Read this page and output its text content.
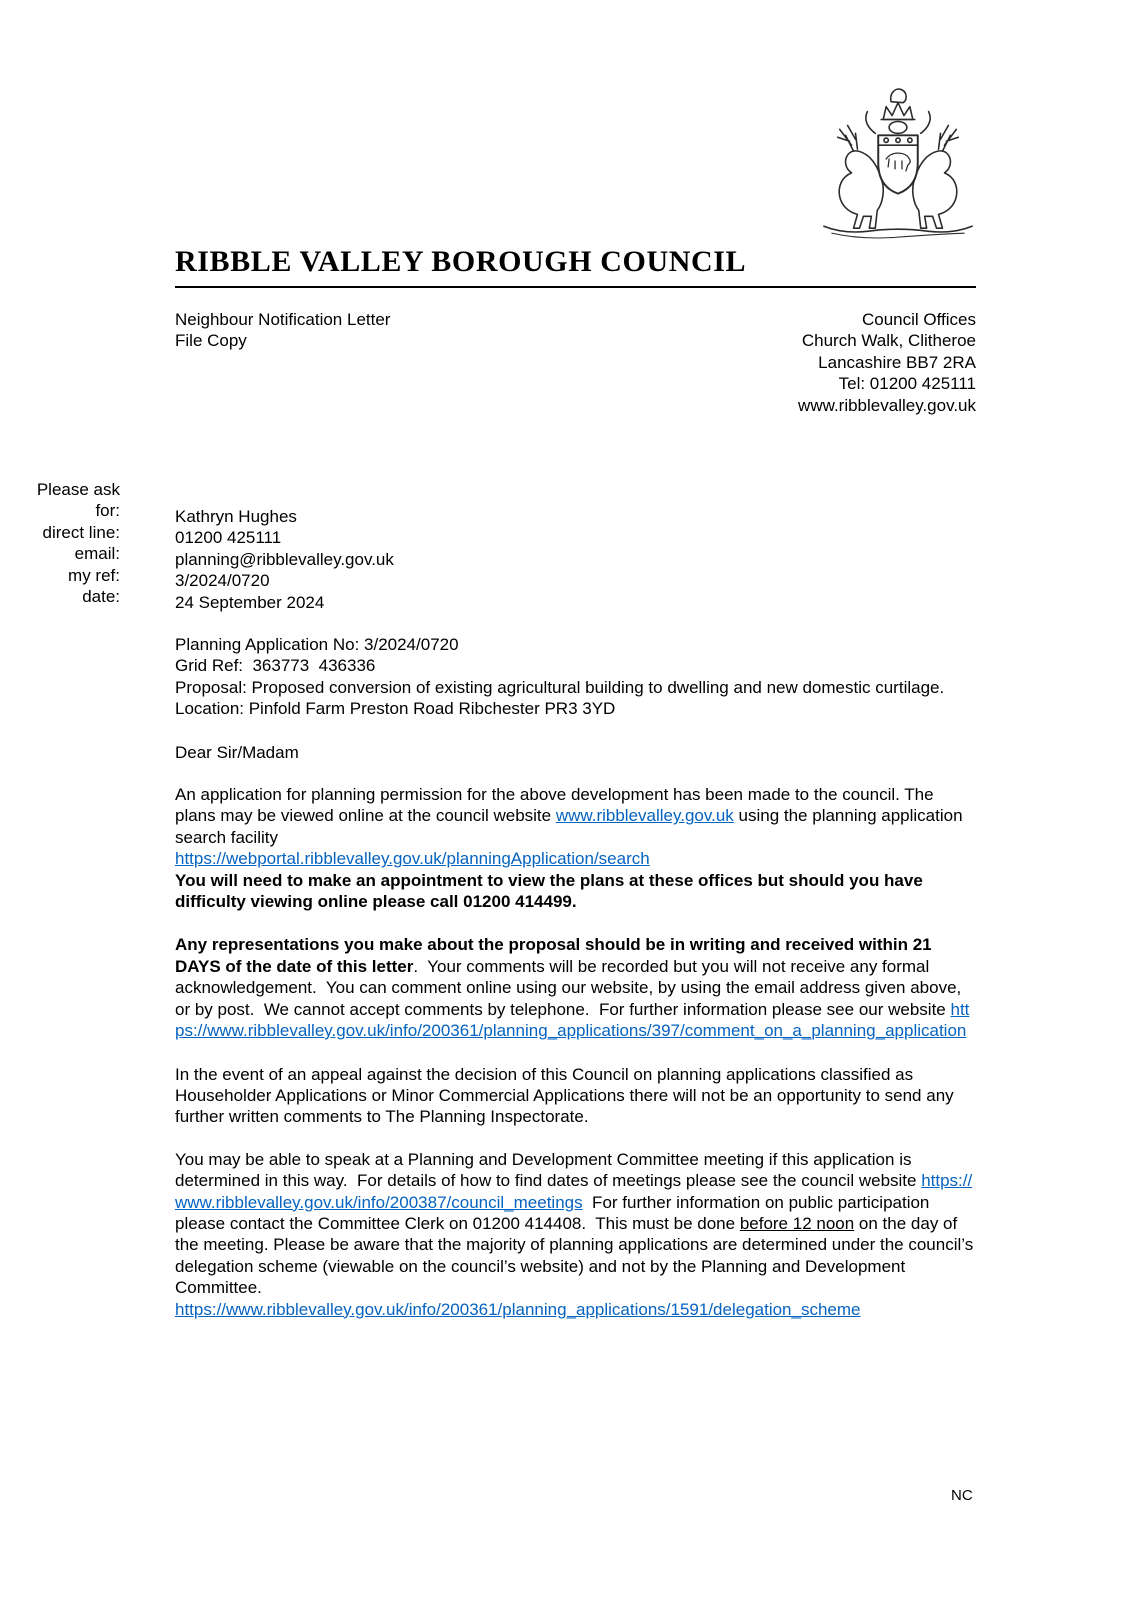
RIBBLE VALLEY BOROUGH COUNCIL
Neighbour Notification Letter
File Copy
Council Offices
Church Walk, Clitheroe
Lancashire BB7 2RA
Tel: 01200 425111
www.ribblevalley.gov.uk
Please ask
for:
direct line:
email:
my ref:
date:
Kathryn Hughes
01200 425111
planning@ribblevalley.gov.uk
3/2024/0720
24 September 2024
Planning Application No: 3/2024/0720
Grid Ref:  363773  436336
Proposal: Proposed conversion of existing agricultural building to dwelling and new domestic curtilage.
Location: Pinfold Farm Preston Road Ribchester PR3 3YD

Dear Sir/Madam

An application for planning permission for the above development has been made to the council. The plans may be viewed online at the council website www.ribblevalley.gov.uk using the planning application search facility
https://webportal.ribblevalley.gov.uk/planningApplication/search
You will need to make an appointment to view the plans at these offices but should you have difficulty viewing online please call 01200 414499.

Any representations you make about the proposal should be in writing and received within 21 DAYS of the date of this letter.  Your comments will be recorded but you will not receive any formal acknowledgement.  You can comment online using our website, by using the email address given above, or by post.  We cannot accept comments by telephone.  For further information please see our website https://www.ribblevalley.gov.uk/info/200361/planning_applications/397/comment_on_a_planning_application

In the event of an appeal against the decision of this Council on planning applications classified as Householder Applications or Minor Commercial Applications there will not be an opportunity to send any further written comments to The Planning Inspectorate.

You may be able to speak at a Planning and Development Committee meeting if this application is determined in this way.  For details of how to find dates of meetings please see the council website https://www.ribblevalley.gov.uk/info/200387/council_meetings  For further information on public participation please contact the Committee Clerk on 01200 414408.  This must be done before 12 noon on the day of the meeting. Please be aware that the majority of planning applications are determined under the council’s delegation scheme (viewable on the council’s website) and not by the Planning and Development Committee.
https://www.ribblevalley.gov.uk/info/200361/planning_applications/1591/delegation_scheme

NC
